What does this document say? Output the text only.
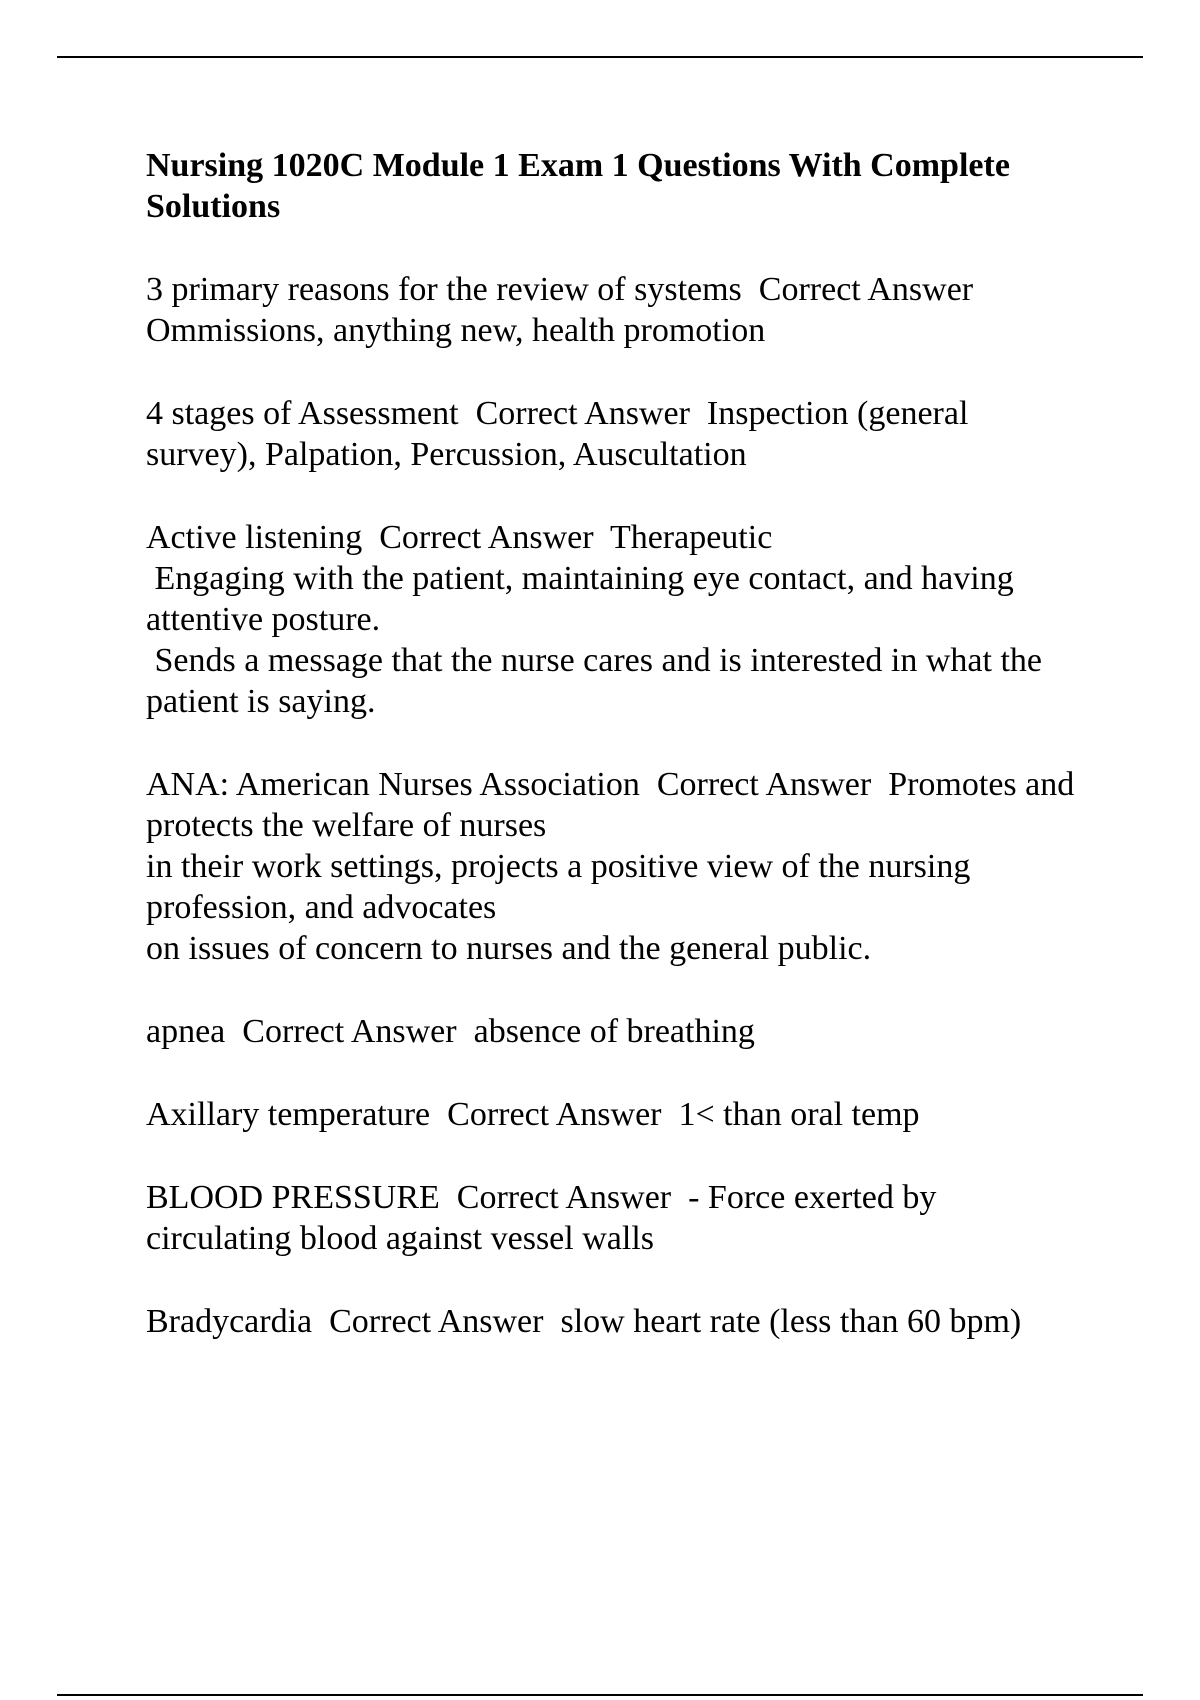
Nursing 1020C Module 1 Exam 1 Questions With Complete Solutions
3 primary reasons for the review of systems  Correct Answer  Ommissions, anything new, health promotion
4 stages of Assessment  Correct Answer  Inspection (general survey), Palpation, Percussion, Auscultation
Active listening  Correct Answer  Therapeutic
Engaging with the patient, maintaining eye contact, and having attentive posture.
Sends a message that the nurse cares and is interested in what the patient is saying.
ANA: American Nurses Association  Correct Answer  Promotes and protects the welfare of nurses
in their work settings, projects a positive view of the nursing profession, and advocates
on issues of concern to nurses and the general public.
apnea  Correct Answer  absence of breathing
Axillary temperature  Correct Answer  1< than oral temp
BLOOD PRESSURE  Correct Answer  - Force exerted by circulating blood against vessel walls
Bradycardia  Correct Answer  slow heart rate (less than 60 bpm)
